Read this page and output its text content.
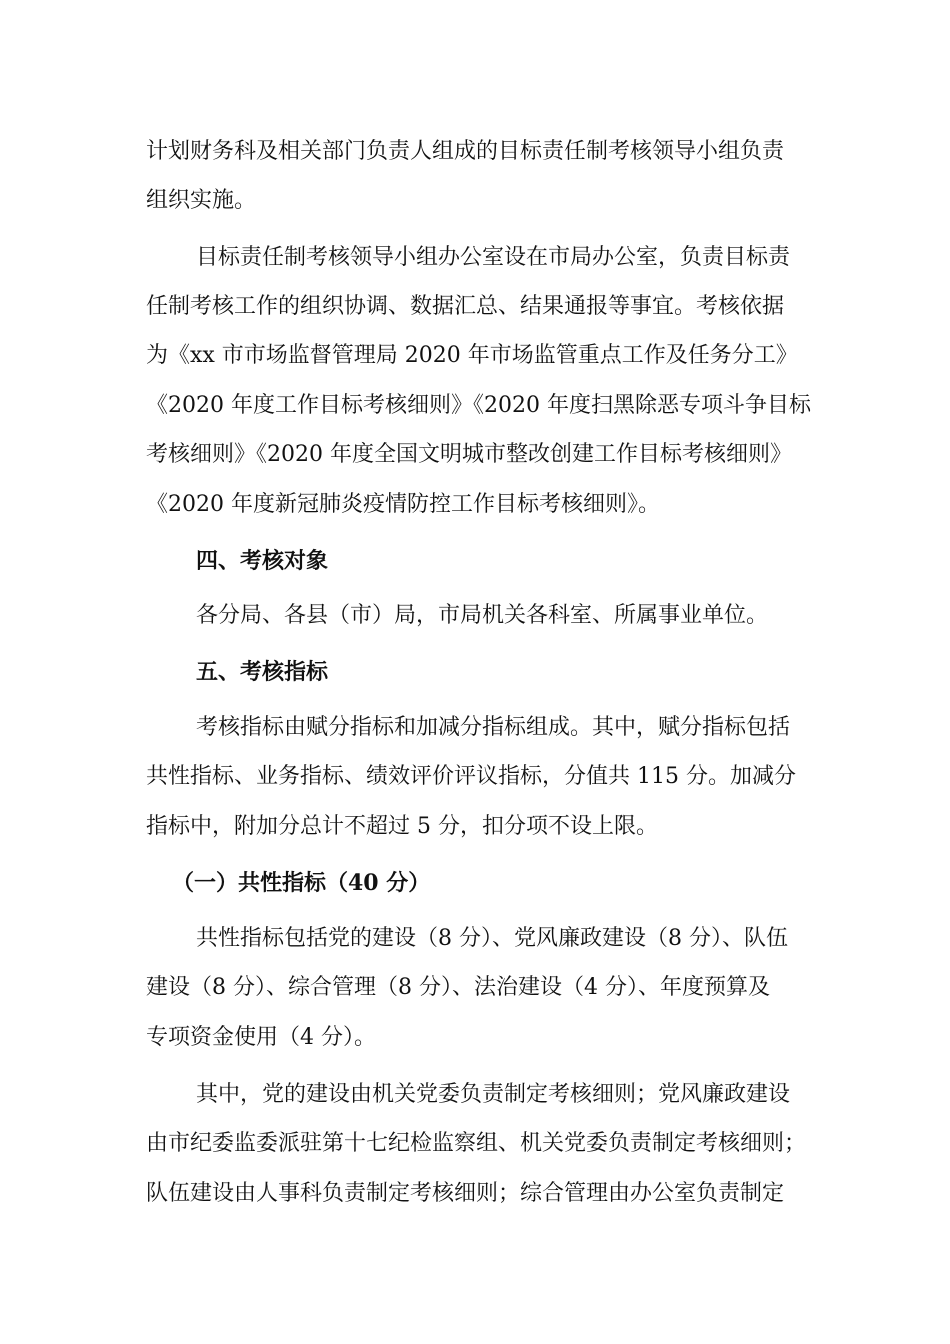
计划财务科及相关部门负责人组成的目标责任制考核领导小组负责

组织实施。

目标责任制考核领导小组办公室设在市局办公室，负责目标责

任制考核工作的组织协调、数据汇总、结果通报等事宜。考核依据

为《xx 市市场监督管理局 2020 年市场监管重点工作及任务分工》

《2020 年度工作目标考核细则》《2020 年度扫黑除恶专项斗争目标

考核细则》《2020 年度全国文明城市整改创建工作目标考核细则》

《2020 年度新冠肺炎疫情防控工作目标考核细则》。

四、考核对象

各分局、各县（市）局，市局机关各科室、所属事业单位。

五、考核指标

考核指标由赋分指标和加减分指标组成。其中，赋分指标包括

共性指标、业务指标、绩效评价评议指标，分值共 115 分。加减分

指标中，附加分总计不超过 5 分，扣分项不设上限。

（一）共性指标（40 分）

共性指标包括党的建设（8 分）、党风廉政建设（8 分）、队伍

建设（8 分）、综合管理（8 分）、法治建设（4 分）、年度预算及

专项资金使用（4 分）。

其中，党的建设由机关党委负责制定考核细则；党风廉政建设

由市纪委监委派驻第十七纪检监察组、机关党委负责制定考核细则；

队伍建设由人事科负责制定考核细则；综合管理由办公室负责制定
